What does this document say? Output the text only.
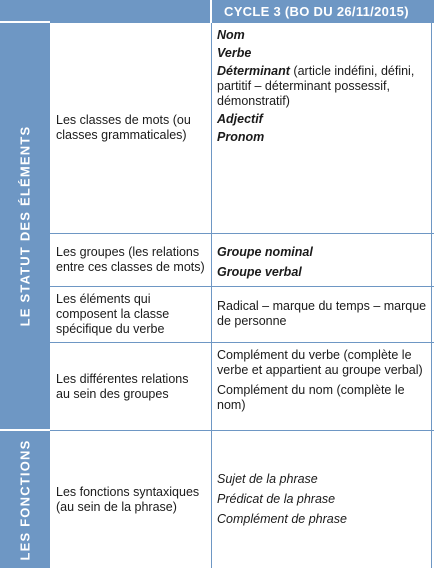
CYCLE 3 (BO DU 26/11/2015)
LE STATUT DES ÉLÉMENTS
LES FONCTIONS
Les classes de mots (ou classes grammaticales)
Nom
Verbe
Déterminant (article indéfini, défini, partitif – déterminant possessif, démonstratif)
Adjectif
Pronom
Les groupes (les relations entre ces classes de mots)
Groupe nominal
Groupe verbal
Les éléments qui composent la classe spécifique du verbe
Radical – marque du temps – marque de personne
Les différentes relations au sein des groupes
Complément du verbe (complète le verbe et appartient au groupe verbal)
Complément du nom (complète le nom)
Les fonctions syntaxiques (au sein de la phrase)
Sujet de la phrase
Prédicat de la phrase
Complément de phrase
